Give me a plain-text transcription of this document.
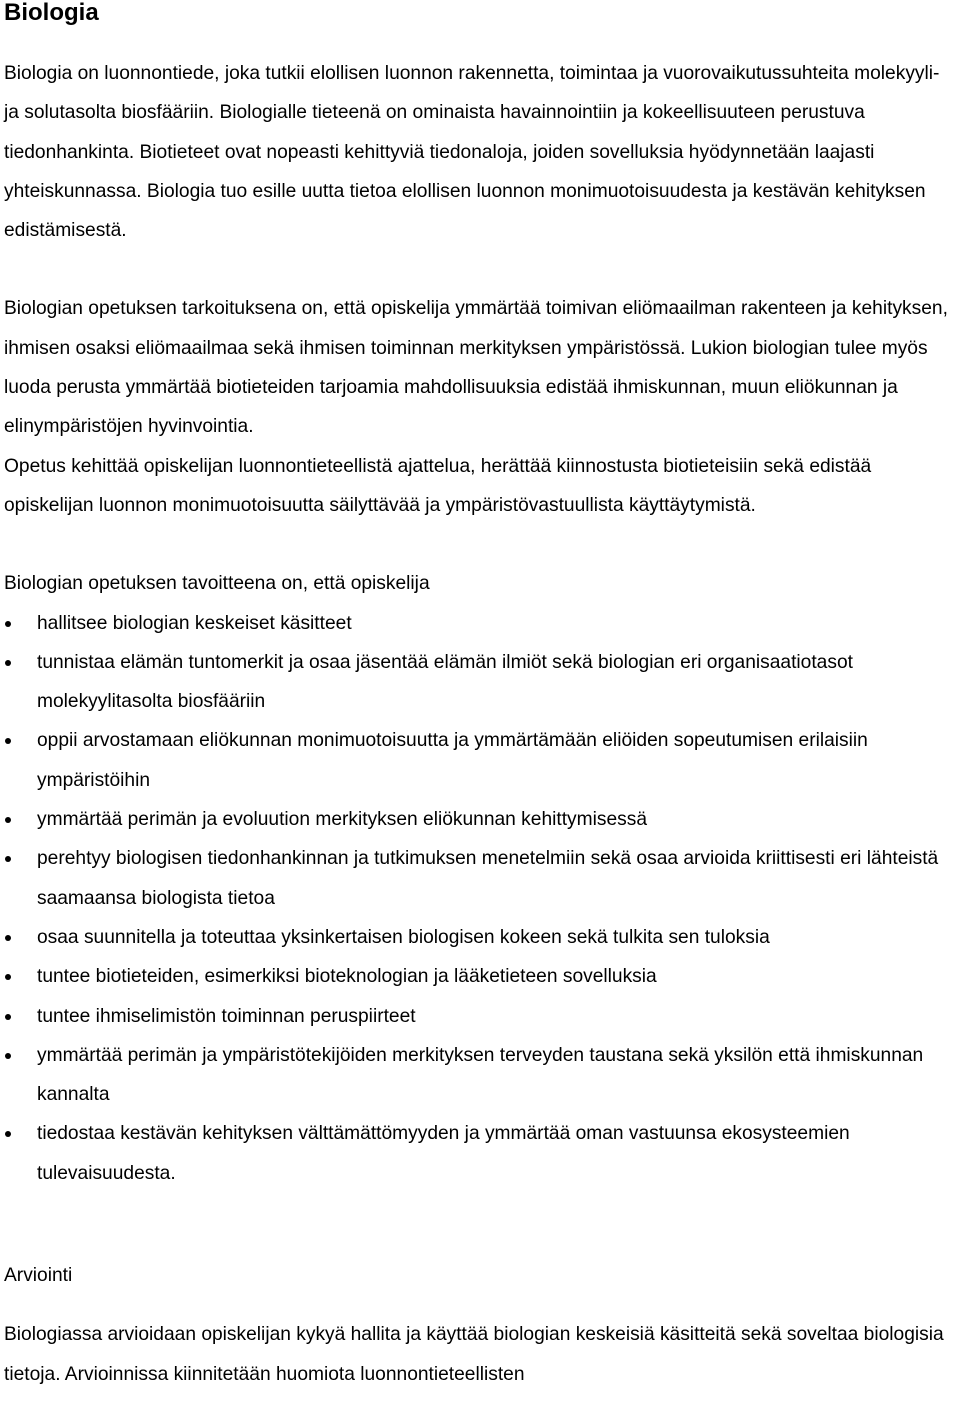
Biologia

Biologia on luonnontiede, joka tutkii elollisen luonnon rakennetta, toimintaa ja vuorovaikutussuhteita molekyyli- ja solutasolta biosfääriin. Biologialle tieteenä on ominaista havainnointiin ja kokeellisuuteen perustuva tiedonhankinta. Biotieteet ovat nopeasti kehittyviä tiedonaloja, joiden sovelluksia hyödynnetään laajasti yhteiskunnassa. Biologia tuo esille uutta tietoa elollisen luonnon monimuotoisuudesta ja kestävän kehityksen edistämisestä.

Biologian opetuksen tarkoituksena on, että opiskelija ymmärtää toimivan eliömaailman rakenteen ja kehityksen, ihmisen osaksi eliömaailmaa sekä ihmisen toiminnan merkityksen ympäristössä. Lukion biologian tulee myös luoda perusta ymmärtää biotieteiden tarjoamia mahdollisuuksia edistää ihmiskunnan, muun eliökunnan ja elinympäristöjen hyvinvointia.

Opetus kehittää opiskelijan luonnontieteellistä ajattelua, herättää kiinnostusta biotieteisiin sekä edistää opiskelijan luonnon monimuotoisuutta säilyttävää ja ympäristövastuullista käyttäytymistä.

Biologian opetuksen tavoitteena on, että opiskelija

hallitsee biologian keskeiset käsitteet
tunnistaa elämän tuntomerkit ja osaa jäsentää elämän ilmiöt sekä biologian eri organisaatiotasot molekyylitasolta biosfääriin
oppii arvostamaan eliökunnan monimuotoisuutta ja ymmärtämään eliöiden sopeutumisen erilaisiin ympäristöihin
ymmärtää perimän ja evoluution merkityksen eliökunnan kehittymisessä
perehtyy biologisen tiedonhankinnan ja tutkimuksen menetelmiin sekä osaa arvioida kriittisesti eri lähteistä saamaansa biologista tietoa
osaa suunnitella ja toteuttaa yksinkertaisen biologisen kokeen sekä tulkita sen tuloksia
tuntee biotieteiden, esimerkiksi bioteknologian ja lääketieteen sovelluksia
tuntee ihmiselimistön toiminnan peruspiirteet
ymmärtää perimän ja ympäristötekijöiden merkityksen terveyden taustana sekä yksilön että ihmiskunnan kannalta
tiedostaa kestävän kehityksen välttämättömyyden ja ymmärtää oman vastuunsa ekosysteemien tulevaisuudesta.

Arviointi

Biologiassa arvioidaan opiskelijan kykyä hallita ja käyttää biologian keskeisiä käsitteitä sekä soveltaa biologisia tietoja. Arvioinnissa kiinnitetään huomiota luonnontieteellisten
